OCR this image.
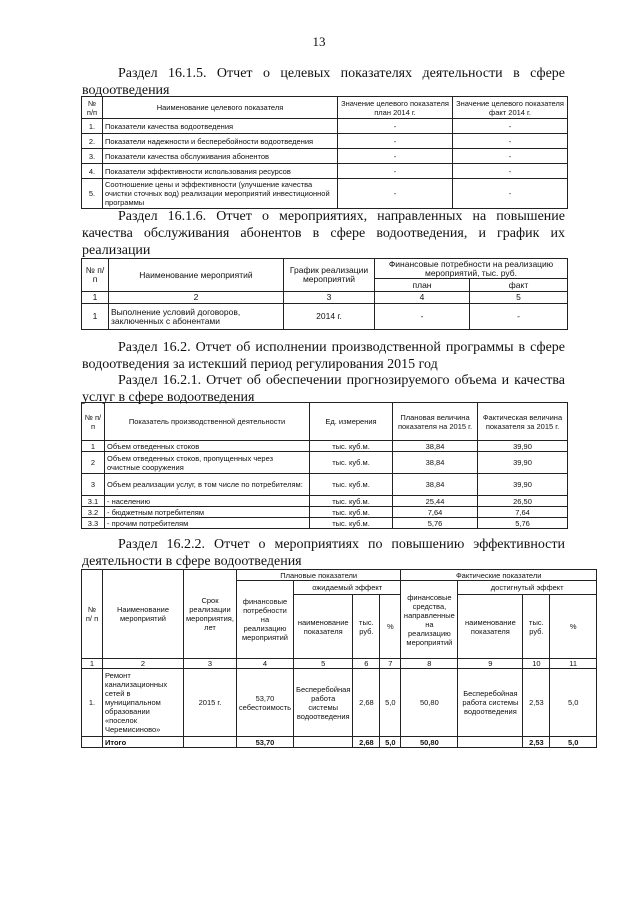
13
Раздел 16.1.5. Отчет о целевых показателях деятельности в сфере водоотведения
№ п/п	Наименование целевого показателя	Значение целевого показателя план 2014 г.	Значение целевого показателя факт 2014 г.
1.	Показатели качества водоотведения	-	-
2.	Показатели надежности и бесперебойности водоотведения	-	-
3.	Показатели качества обслуживания абонентов	-	-
4.	Показатели эффективности использования ресурсов	-	-
5.	Соотношение цены и эффективности (улучшение качества очистки сточных вод) реализации мероприятий инвестиционной программы	-	-
Раздел 16.1.6. Отчет о мероприятиях, направленных на повышение качества обслуживания абонентов в сфере водоотведения, и график их реализации
№ п/п	Наименование мероприятий	График реализации мероприятий	Финансовые потребности на реализацию мероприятий, тыс. руб.	
			план	факт
1	2	3	4	5
1	Выполнение условий договоров, заключенных с абонентами	2014 г.	-	-
Раздел 16.2. Отчет об исполнении производственной программы в сфере водоотведения за истекший период регулирования 2015 год
Раздел 16.2.1. Отчет об обеспечении прогнозируемого объема и качества услуг в сфере водоотведения
№ п/п	Показатель производственной деятельности	Ед. измерения	Плановая величина показателя на 2015 г.	Фактическая величина показателя за 2015 г.
1	Объем отведенных стоков	тыс. куб.м.	38,84	39,90
2	Объем отведенных стоков, пропущенных через очистные сооружения	тыс. куб.м.	38,84	39,90
3	Объем реализации услуг, в том числе по потребителям:	тыс. куб.м.	38,84	39,90
3.1	- населению	тыс. куб.м.	25,44	26,50
3.2	- бюджетным потребителям	тыс. куб.м.	7,64	7,64
3.3	- прочим потребителям	тыс. куб.м.	5,76	5,76
Раздел 16.2.2. Отчет о мероприятиях по повышению эффективности деятельности в сфере водоотведения
№ п/ п	Наименование мероприятий	Срок реализации мероприятия, лет	Плановые показатели				Фактические показатели			
			финансовые потребности на реализацию мероприятий	ожидаемый эффект			финансовые средства, направленные на реализацию мероприятий	достигнутый эффект		
				наименование показателя	тыс. руб.	%		наименование показателя	тыс. руб.	%
1	2	3	4	5	6	7	8	9	10	11
1.	Ремонт канализационных сетей в муниципальном образовании «поселок Черемисиново»	2015 г.	53,70 себестоимость	Бесперебойная работа системы водоотведения	2,68	5,0	50,80	Бесперебойная работа системы водоотведения	2,53	5,0
	Итого		53,70		2,68	5,0	50,80		2,53	5,0
